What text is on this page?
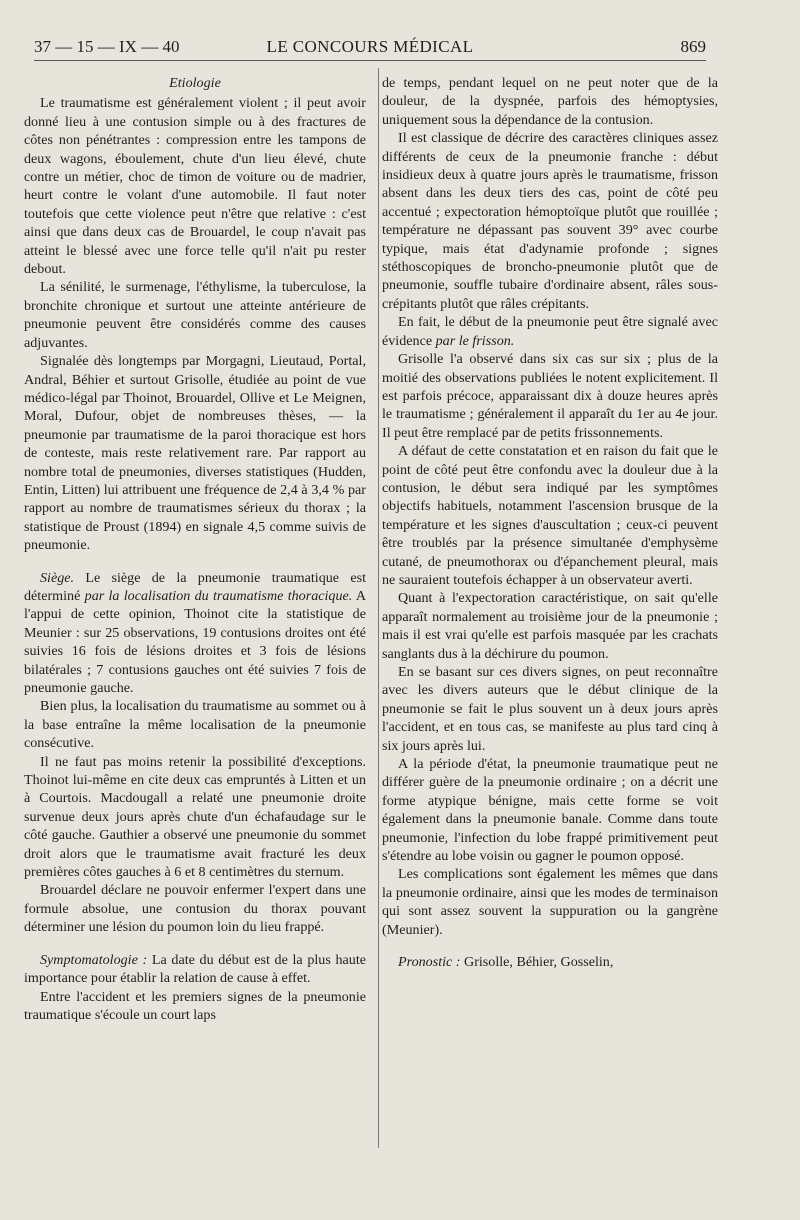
37 — 15 — IX — 40	LE CONCOURS MÉDICAL	869
Etiologie

Le traumatisme est généralement violent ; il peut avoir donné lieu à une contusion simple ou à des fractures de côtes non pénétrantes : compression entre les tampons de deux wagons, éboulement, chute d'un lieu élevé, chute contre un métier, choc de timon de voiture ou de madrier, heurt contre le volant d'une automobile. Il faut noter toutefois que cette violence peut n'être que relative : c'est ainsi que dans deux cas de Brouardel, le coup n'avait pas atteint le blessé avec une force telle qu'il n'ait pu rester debout.

La sénilité, le surmenage, l'éthylisme, la tuberculose, la bronchite chronique et surtout une atteinte antérieure de pneumonie peuvent être considérés comme des causes adjuvantes.

Signalée dès longtemps par Morgagni, Lieutaud, Portal, Andral, Béhier et surtout Grisolle, étudiée au point de vue médico-légal par Thoinot, Brouardel, Ollive et Le Meignen, Moral, Dufour, objet de nombreuses thèses, — la pneumonie par traumatisme de la paroi thoracique est hors de conteste, mais reste relativement rare. Par rapport au nombre total de pneumonies, diverses statistiques (Hudden, Entin, Litten) lui attribuent une fréquence de 2,4 à 3,4 % par rapport au nombre de traumatismes sérieux du thorax ; la statistique de Proust (1894) en signale 4,5 comme suivis de pneumonie.

Siège. Le siège de la pneumonie traumatique est déterminé par la localisation du traumatisme thoracique. A l'appui de cette opinion, Thoinot cite la statistique de Meunier : sur 25 observations, 19 contusions droites ont été suivies 16 fois de lésions droites et 3 fois de lésions bilatérales ; 7 contusions gauches ont été suivies 7 fois de pneumonie gauche.

Bien plus, la localisation du traumatisme au sommet ou à la base entraîne la même localisation de la pneumonie consécutive.

Il ne faut pas moins retenir la possibilité d'exceptions. Thoinot lui-même en cite deux cas empruntés à Litten et un à Courtois. Macdougall a relaté une pneumonie droite survenue deux jours après chute d'un échafaudage sur le côté gauche. Gauthier a observé une pneumonie du sommet droit alors que le traumatisme avait fracturé les deux premières côtes gauches à 6 et 8 centimètres du sternum.

Brouardel déclare ne pouvoir enfermer l'expert dans une formule absolue, une contusion du thorax pouvant déterminer une lésion du poumon loin du lieu frappé.

Symptomatologie : La date du début est de la plus haute importance pour établir la relation de cause à effet.

Entre l'accident et les premiers signes de la pneumonie traumatique s'écoule un court laps

de temps, pendant lequel on ne peut noter que de la douleur, de la dyspnée, parfois des hémoptysies, uniquement sous la dépendance de la contusion.

Il est classique de décrire des caractères cliniques assez différents de ceux de la pneumonie franche : début insidieux deux à quatre jours après le traumatisme, frisson absent dans les deux tiers des cas, point de côté peu accentué ; expectoration hémoptoïque plutôt que rouillée ; température ne dépassant pas souvent 39° avec courbe typique, mais état d'adynamie profonde ; signes stéthoscopiques de broncho-pneumonie plutôt que de pneumonie, souffle tubaire d'ordinaire absent, râles sous-crépitants plutôt que râles crépitants.

En fait, le début de la pneumonie peut être signalé avec évidence par le frisson.

Grisolle l'a observé dans six cas sur six ; plus de la moitié des observations publiées le notent explicitement. Il est parfois précoce, apparaissant dix à douze heures après le traumatisme ; généralement il apparaît du 1er au 4e jour. Il peut être remplacé par de petits frissonnements.

A défaut de cette constatation et en raison du fait que le point de côté peut être confondu avec la douleur due à la contusion, le début sera indiqué par les symptômes objectifs habituels, notamment l'ascension brusque de la température et les signes d'auscultation ; ceux-ci peuvent être troublés par la présence simultanée d'emphysème cutané, de pneumothorax ou d'épanchement pleural, mais ne sauraient toutefois échapper à un observateur averti.

Quant à l'expectoration caractéristique, on sait qu'elle apparaît normalement au troisième jour de la pneumonie ; mais il est vrai qu'elle est parfois masquée par les crachats sanglants dus à la déchirure du poumon.

En se basant sur ces divers signes, on peut reconnaître avec les divers auteurs que le début clinique de la pneumonie se fait le plus souvent un à deux jours après l'accident, et en tous cas, se manifeste au plus tard cinq à six jours après lui.

A la période d'état, la pneumonie traumatique peut ne différer guère de la pneumonie ordinaire ; on a décrit une forme atypique bénigne, mais cette forme se voit également dans la pneumonie banale. Comme dans toute pneumonie, l'infection du lobe frappé primitivement peut s'étendre au lobe voisin ou gagner le poumon opposé.

Les complications sont également les mêmes que dans la pneumonie ordinaire, ainsi que les modes de terminaison qui sont assez souvent la suppuration ou la gangrène (Meunier).

Pronostic : Grisolle, Béhier, Gosselin,
